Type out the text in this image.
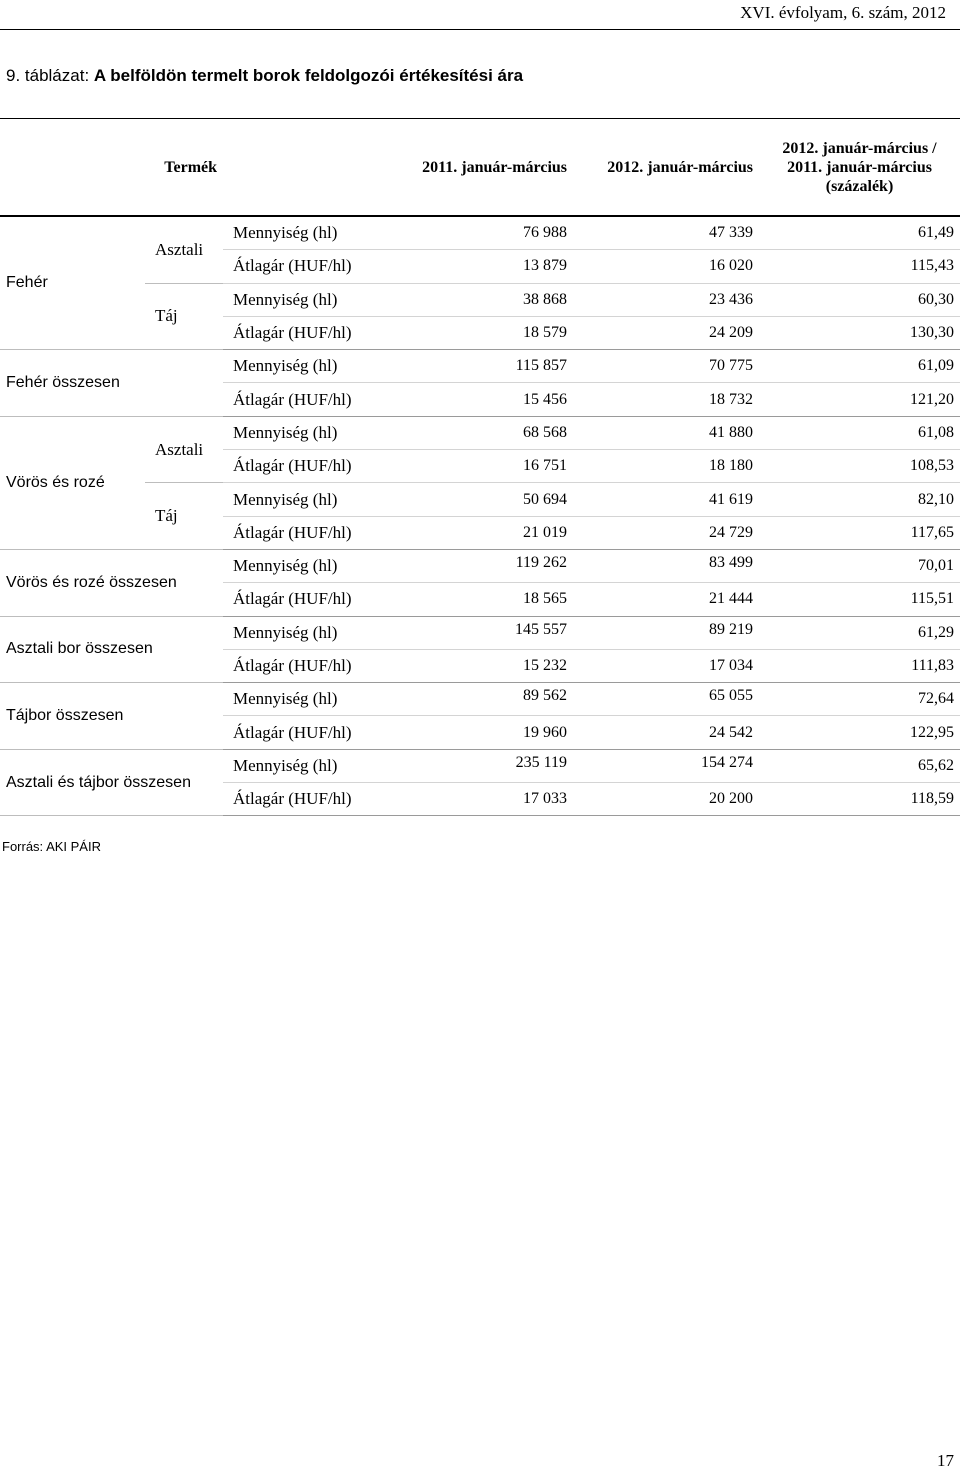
XVI. évfolyam, 6. szám, 2012
9. táblázat: A belföldön termelt borok feldolgozói értékesítési ára
Termék			2011. január-március	2012. január-március	2012. január-március /
2011. január-március
(százalék)

Fehér	Asztali	Mennyiség (hl)	76 988	47 339	61,49
		Átlagár (HUF/hl)	13 879	16 020	115,43
	Táj	Mennyiség (hl)	38 868	23 436	60,30
		Átlagár (HUF/hl)	18 579	24 209	130,30
Fehér összesen		Mennyiség (hl)	115 857	70 775	61,09
		Átlagár (HUF/hl)	15 456	18 732	121,20
Vörös és rozé	Asztali	Mennyiség (hl)	68 568	41 880	61,08
		Átlagár (HUF/hl)	16 751	18 180	108,53
	Táj	Mennyiség (hl)	50 694	41 619	82,10
		Átlagár (HUF/hl)	21 019	24 729	117,65
Vörös és rozé összesen		Mennyiség (hl)	119 262	83 499	70,01
		Átlagár (HUF/hl)	18 565	21 444	115,51
Asztali bor összesen		Mennyiség (hl)	145 557	89 219	61,29
		Átlagár (HUF/hl)	15 232	17 034	111,83
Tájbor összesen		Mennyiség (hl)	89 562	65 055	72,64
		Átlagár (HUF/hl)	19 960	24 542	122,95
Asztali és tájbor összesen		Mennyiség (hl)	235 119	154 274	65,62
		Átlagár (HUF/hl)	17 033	20 200	118,59
Forrás: AKI PÁIR
17
